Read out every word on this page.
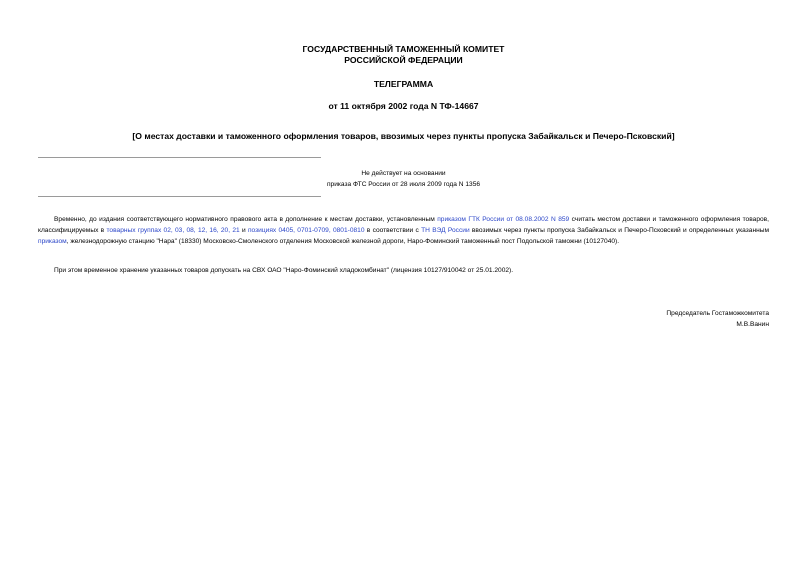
ГОСУДАРСТВЕННЫЙ ТАМОЖЕННЫЙ КОМИТЕТ
РОССИЙСКОЙ ФЕДЕРАЦИИ
ТЕЛЕГРАММА
от 11 октября 2002 года N ТФ-14667
[О местах доставки и таможенного оформления товаров, ввозимых через пункты пропуска Забайкальск и Печеро-Псковский]
Не действует на основании
приказа ФТС России от 28 июля 2009 года N 1356
Временно, до издания соответствующего нормативного правового акта в дополнение к местам доставки, установленным приказом ГТК России от 08.08.2002 N 859 считать местом доставки и таможенного оформления товаров, классифицируемых в товарных группах 02, 03, 08, 12, 16, 20, 21 и позициях 0405, 0701-0709, 0801-0810 в соответствии с ТН ВЭД России ввозимых через пункты пропуска Забайкальск и Печеро-Псковский и определенных указанным приказом, железнодорожную станцию "Нара" (18330) Московско-Смоленского отделения Московской железной дороги, Наро-Фоминский таможенный пост Подольской таможни (10127040).
При этом временное хранение указанных товаров допускать на СВХ ОАО "Наро-Фоминский хладокомбинат" (лицензия 10127/910042 от 25.01.2002).
Председатель Гостаможкомитета
М.В.Ванин
